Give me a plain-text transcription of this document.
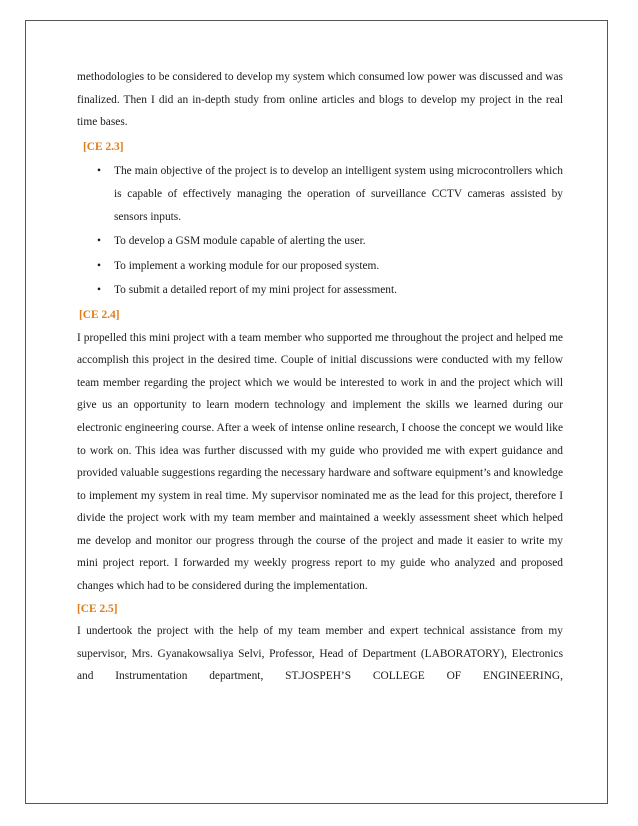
methodologies to be considered to develop my system which consumed low power was discussed and was finalized. Then I did an in-depth study from online articles and blogs to develop my project in the real time bases.

[CE 2.3]

• The main objective of the project is to develop an intelligent system using microcontrollers which is capable of effectively managing the operation of surveillance CCTV cameras assisted by sensors inputs.
• To develop a GSM module capable of alerting the user.
• To implement a working module for our proposed system.
• To submit a detailed report of my mini project for assessment.

[CE 2.4]

I propelled this mini project with a team member who supported me throughout the project and helped me accomplish this project in the desired time. Couple of initial discussions were conducted with my fellow team member regarding the project which we would be interested to work in and the project which will give us an opportunity to learn modern technology and implement the skills we learned during our electronic engineering course. After a week of intense online research, I choose the concept we would like to work on. This idea was further discussed with my guide who provided me with expert guidance and provided valuable suggestions regarding the necessary hardware and software equipment’s and knowledge to implement my system in real time. My supervisor nominated me as the lead for this project, therefore I divide the project work with my team member and maintained a weekly assessment sheet which helped me develop and monitor our progress through the course of the project and made it easier to write my mini project report. I forwarded my weekly progress report to my guide who analyzed and proposed changes which had to be considered during the implementation.

[CE 2.5]

I undertook the project with the help of my team member and expert technical assistance from my supervisor, Mrs. Gyanakowsaliya Selvi, Professor, Head of Department (LABORATORY), Electronics and Instrumentation department, ST.JOSPEH’S COLLEGE OF ENGINEERING,
